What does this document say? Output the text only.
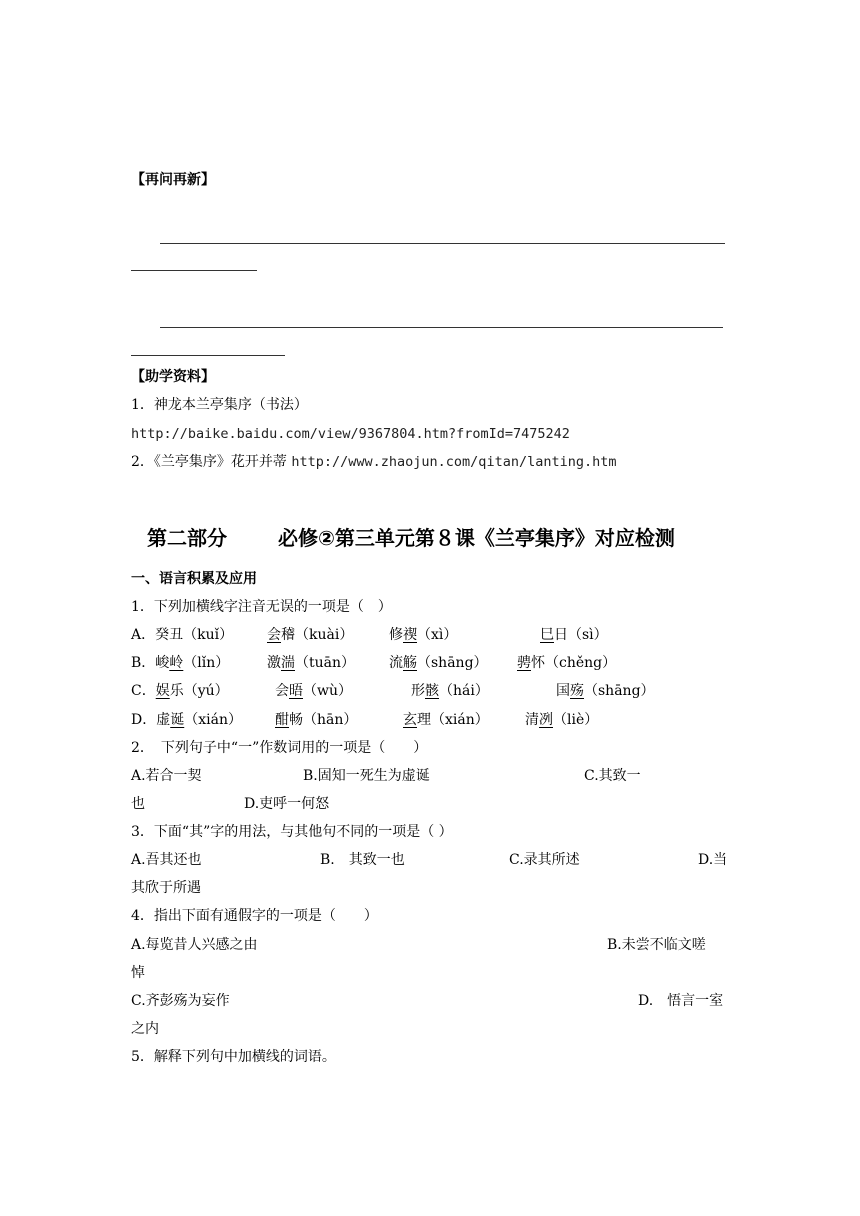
【再问再新】
【助学资料】
1．神龙本兰亭集序（书法）
http://baike.baidu.com/view/9367804.htm?fromId=7475242
2．《兰亭集序》花开并蒂 http://www.zhaojun.com/qitan/lanting.htm
第二部分	必修②第三单元第８课《兰亭集序》对应检测
一、语言积累及应用
1．下列加横线字注音无误的一项是（　）
A．癸丑（kuǐ） 会稽（kuài）	修禊（xì）	巳日（sì）
B．峻岭（lǐn）	激湍（tuān） 流觞（shāng） 骋怀（chěng）
C．娱乐（yú）	会晤（wù）	形骸（hái）	国殇（shāng）
D．虚诞（xián） 酣畅（hān）	玄理（xián）	清冽（liè）
2．　下列句子中“一”作数词用的一项是（　　）
A.若合一契	B.固知一死生为虚诞	C.其致一
也	D.吏呼一何怒
3．下面“其”字的用法，与其他句不同的一项是（ ）
A.吾其还也	B.　其致一也	C.录其所述	D.当
其欣于所遇
4．指出下面有通假字的一项是（　　）
A.每览昔人兴感之由	B.未尝不临文嗟
悼
C.齐彭殇为妄作	D.　悟言一室
之内
5．解释下列句中加横线的词语。
